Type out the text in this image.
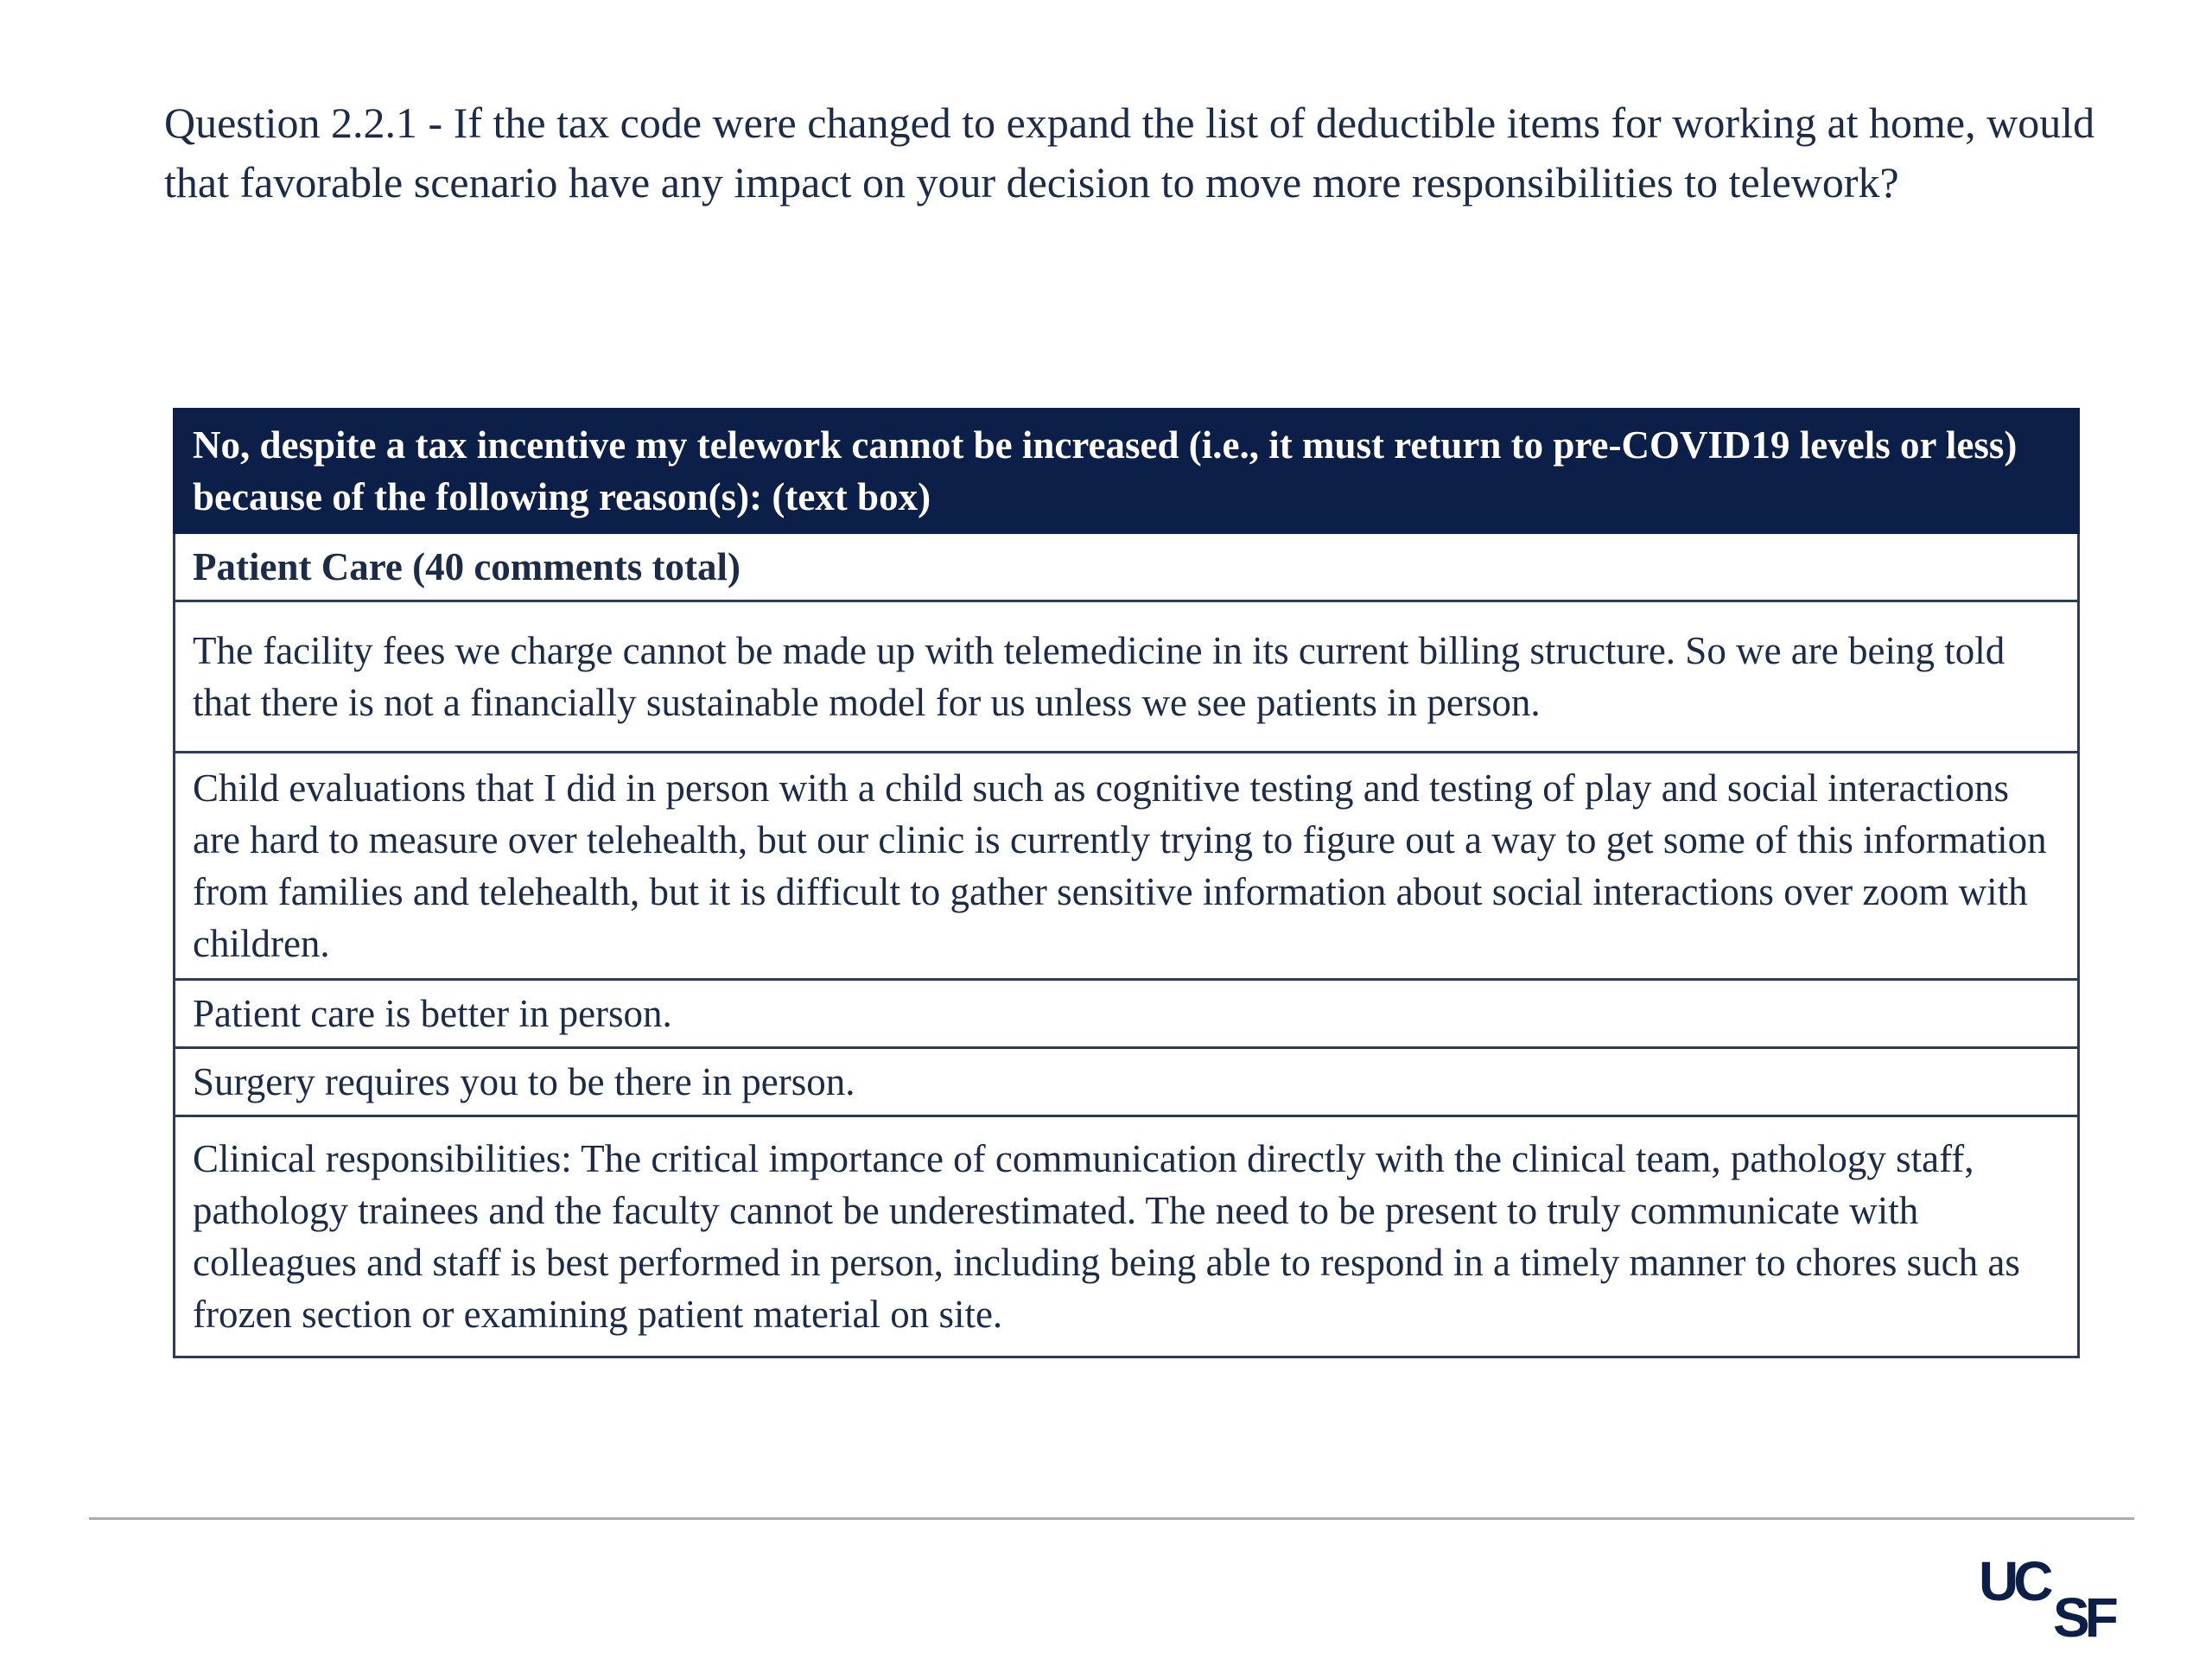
Question 2.2.1 - If the tax code were changed to expand the list of deductible items for working at home, would that favorable scenario have any impact on your decision to move more responsibilities to telework?

No, despite a tax incentive my telework cannot be increased (i.e., it must return to pre-COVID19 levels or less) because of the following reason(s): (text box)
Patient Care (40 comments total)
The facility fees we charge cannot be made up with telemedicine in its current billing structure. So we are being told that there is not a financially sustainable model for us unless we see patients in person.
Child evaluations that I did in person with a child such as cognitive testing and testing of play and social interactions are hard to measure over telehealth, but our clinic is currently trying to figure out a way to get some of this information from families and telehealth, but it is difficult to gather sensitive information about social interactions over zoom with children.
Patient care is better in person.
Surgery requires you to be there in person.
Clinical responsibilities: The critical importance of communication directly with the clinical team, pathology staff, pathology trainees and the faculty cannot be underestimated. The need to be present to truly communicate with colleagues and staff is best performed in person, including being able to respond in a timely manner to chores such as frozen section or examining patient material on site.
UC
SF
